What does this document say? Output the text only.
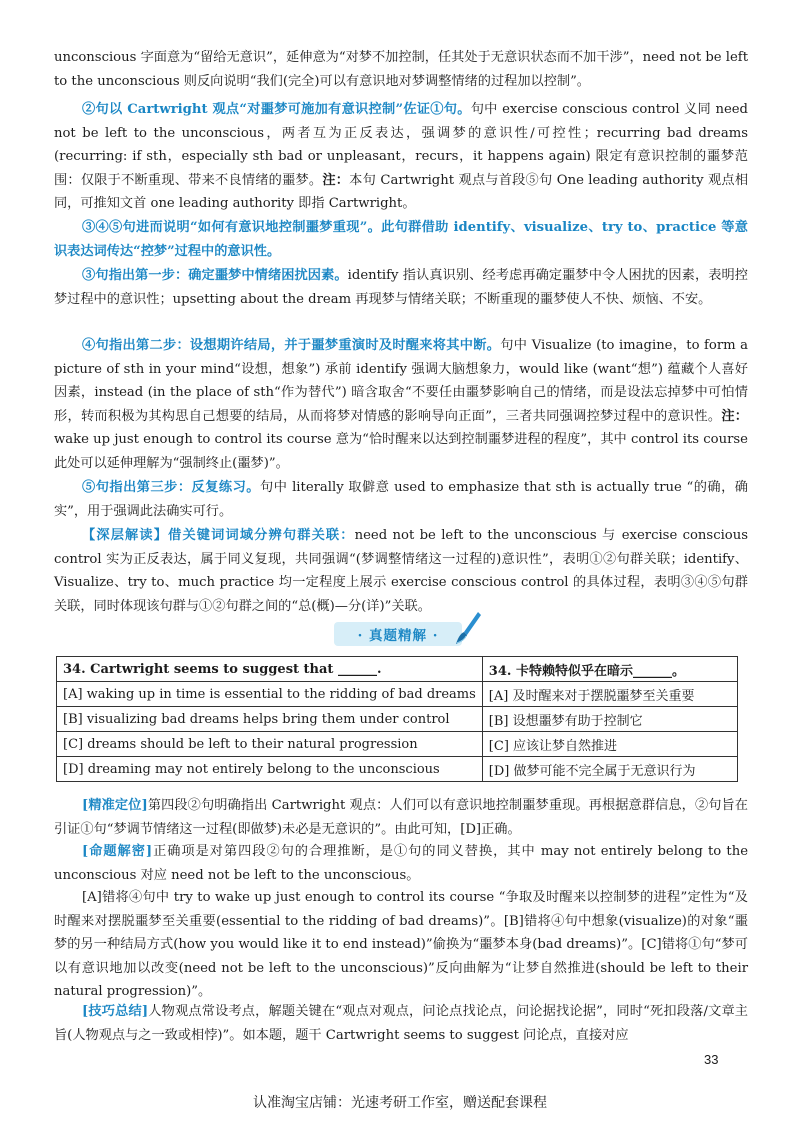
unconscious 字面意为“留给无意识”，延伸意为“对梦不加控制，任其处于无意识状态而不加干涉”，need not be left to the unconscious 则反向说明“我们(完全)可以有意识地对梦调整情绪的过程加以控制”。

②句以 Cartwright 观点“对噩梦可施加有意识控制”佐证①句。句中 exercise conscious control 义同 need not be left to the unconscious，两者互为正反表达，强调梦的意识性/可控性；recurring bad dreams (recurring: if sth，especially sth bad or unpleasant，recurs，it happens again) 限定有意识控制的噩梦范围：仅限于不断重现、带来不良情绪的噩梦。注：本句 Cartwright 观点与首段⑤句 One leading authority 观点相同，可推知文首 one leading authority 即指 Cartwright。

③④⑤句进而说明“如何有意识地控制噩梦重现”。此句群借助 identify、visualize、try to、practice 等意识表达词传达“控梦”过程中的意识性。

③句指出第一步：确定噩梦中情绪困扰因素。identify 指认真识别、经考虑再确定噩梦中令人困扰的因素，表明控梦过程中的意识性；upsetting about the dream 再现梦与情绪关联；不断重现的噩梦使人不快、烦恼、不安。

④句指出第二步：设想期许结局，并于噩梦重演时及时醒来将其中断。句中 Visualize (to imagine，to form a picture of sth in your mind“设想，想象”) 承前 identify 强调大脑想象力，would like (want“想”) 蕴藏个人喜好因素，instead (in the place of sth“作为替代”) 暗含取舍“不要任由噩梦影响自己的情绪，而是设法忘掉梦中可怕情形，转而积极为其构思自己想要的结局，从而将梦对情感的影响导向正面”，三者共同强调控梦过程中的意识性。注：wake up just enough to control its course 意为“恰时醒来以达到控制噩梦进程的程度”，其中 control its course 此处可以延伸理解为“强制终止(噩梦)”。

⑤句指出第三步：反复练习。句中 literally 取僻意 used to emphasize that sth is actually true “的确，确实”，用于强调此法确实可行。

【深层解读】借关键词词域分辨句群关联：need not be left to the unconscious 与 exercise conscious control 实为正反表达，属于同义复现，共同强调“(梦调整情绪这一过程的)意识性”，表明①②句群关联；identify、Visualize、try to、much practice 均一定程度上展示 exercise conscious control 的具体过程，表明③④⑤句群关联，同时体现该句群与①②句群之间的“总(概)—分(详)”关联。

· 真题精解 ·
34. Cartwright seems to suggest that ______.	34. 卡特赖特似乎在暗示______。
[A] waking up in time is essential to the ridding of bad dreams	[A] 及时醒来对于摆脱噩梦至关重要
[B] visualizing bad dreams helps bring them under control	[B] 设想噩梦有助于控制它
[C] dreams should be left to their natural progression	[C] 应该让梦自然推进
[D] dreaming may not entirely belong to the unconscious	[D] 做梦可能不完全属于无意识行为

[精准定位]第四段②句明确指出 Cartwright 观点：人们可以有意识地控制噩梦重现。再根据意群信息，②句旨在引证①句“梦调节情绪这一过程(即做梦)未必是无意识的”。由此可知，[D]正确。

[命题解密]正确项是对第四段②句的合理推断，是①句的同义替换，其中 may not entirely belong to the unconscious 对应 need not be left to the unconscious。

[A]错将④句中 try to wake up just enough to control its course “争取及时醒来以控制梦的进程”定性为“及时醒来对摆脱噩梦至关重要(essential to the ridding of bad dreams)”。[B]错将④句中想象(visualize)的对象“噩梦的另一种结局方式(how you would like it to end instead)”偷换为“噩梦本身(bad dreams)”。[C]错将①句“梦可以有意识地加以改变(need not be left to the unconscious)”反向曲解为“让梦自然推进(should be left to their natural progression)”。

[技巧总结]人物观点常设考点，解题关键在“观点对观点，问论点找论点，问论据找论据”，同时“死扣段落/文章主旨(人物观点与之一致或相悖)”。如本题，题干 Cartwright seems to suggest 问论点，直接对应

33
认准淘宝店铺：光速考研工作室，赠送配套课程
